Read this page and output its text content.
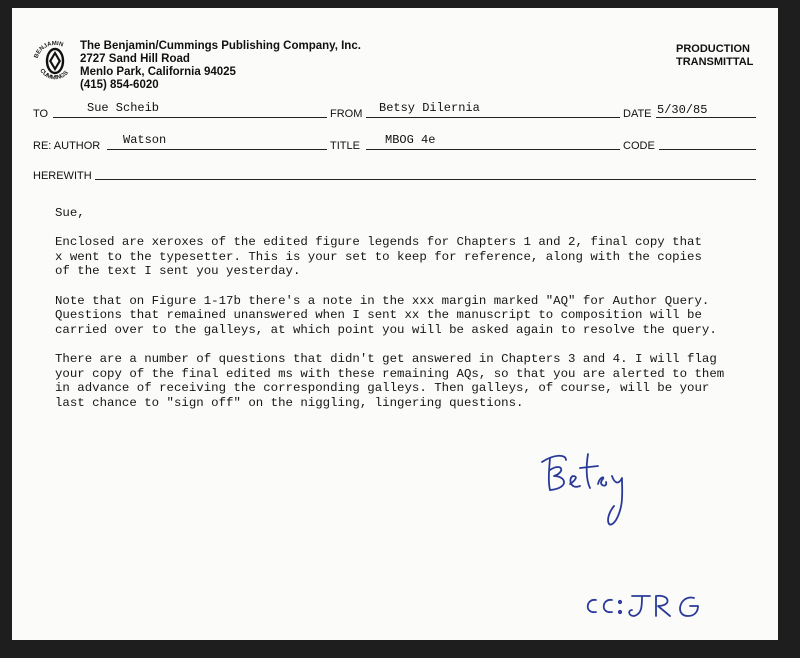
BENJAMIN
CUMMINGS
The Benjamin/Cummings Publishing Company, Inc.
2727 Sand Hill Road
Menlo Park, California 94025
(415) 854-6020
PRODUCTION
TRANSMITTAL
TO	Sue Scheib	FROM Betsy Dilernia	DATE 5/30/85
RE: AUTHOR Watson	TITLE MBOG 4e	CODE
HEREWITH

Sue,

Enclosed are xeroxes of the edited figure legends for Chapters 1 and 2, final copy that
x went to the typesetter. This is your set to keep for reference, along with the copies
of the text I sent you yesterday.

Note that on Figure 1-17b there's a note in the xxx margin marked "AQ" for Author Query.
Questions that remained unanswered when I sent xx the manuscript to composition will be
carried over to the galleys, at which point you will be asked again to resolve the query.

There are a number of questions that didn't get answered in Chapters 3 and 4. I will flag
your copy of the final edited ms with these remaining AQs, so that you are alerted to them
in advance of receiving the corresponding galleys. Then galleys, of course, will be your
last chance to "sign off" on the niggling, lingering questions.
